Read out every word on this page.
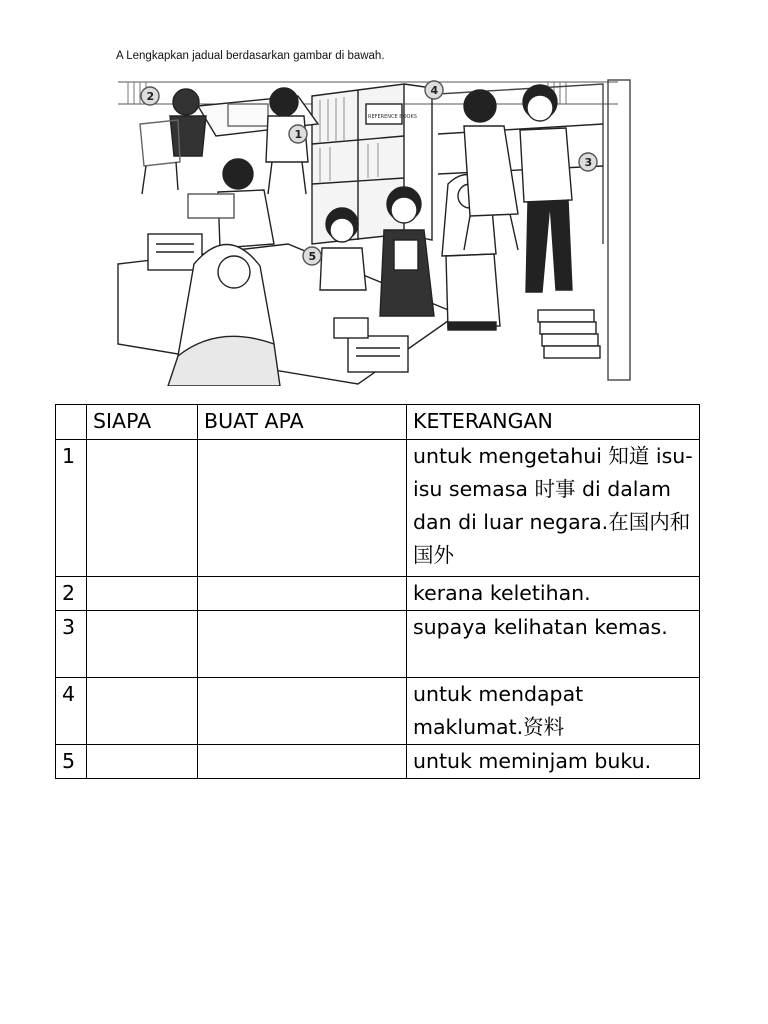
A Lengkapkan jadual berdasarkan gambar di bawah.
2
1
4
3
5
REFERENCE BOOKS
	SIAPA	BUAT APA	KETERANGAN
1			untuk mengetahui 知道 isu-isu semasa 时事 di dalam dan di luar negara.在国内和国外
2			kerana keletihan.
3			supaya kelihatan kemas.
4			untuk mendapat maklumat.资料
5			untuk meminjam buku.
